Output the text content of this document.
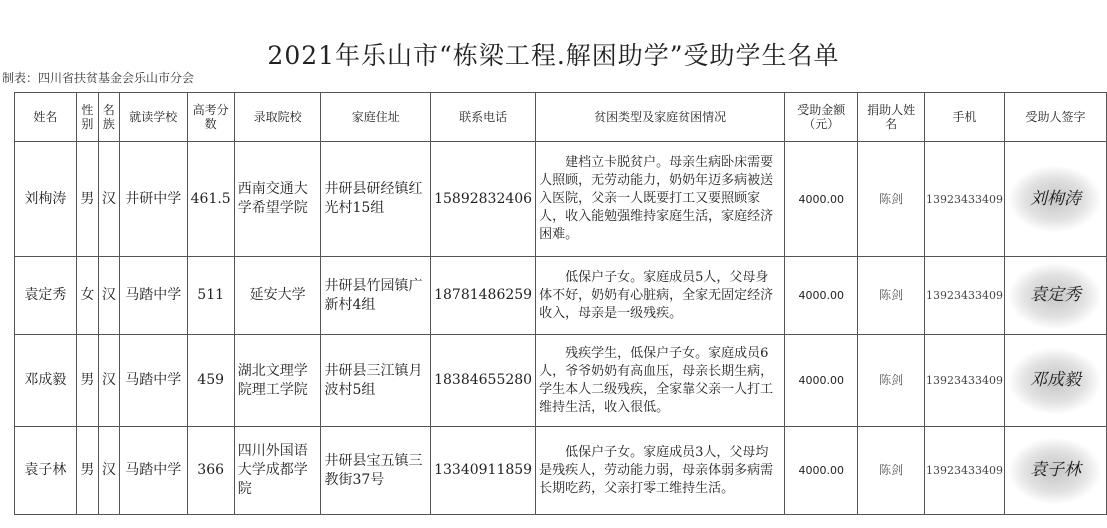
2021年乐山市“栋梁工程.解困助学”受助学生名单
制表：四川省扶贫基金会乐山市分会
姓名	性别	名族	就读学校	高考分数	录取院校	家庭住址	联系电话	贫困类型及家庭贫困情况	受助金额（元）	捐助人姓名	手机	受助人签字
刘栒涛	男	汉	井研中学	461.5	西南交通大学希望学院	井研县研经镇红光村15组	15892832406	建档立卡脱贫户。母亲生病卧床需要人照顾，无劳动能力，奶奶年迈多病被送入医院，父亲一人既要打工又要照顾家人，收入能勉强维持家庭生活，家庭经济困难。	4000.00	陈剑	13923433409	刘栒涛

袁定秀	女	汉	马踏中学	511	延安大学	井研县竹园镇广新村4组	18781486259	低保户子女。家庭成员5人，父母身体不好，奶奶有心脏病，全家无固定经济收入，母亲是一级残疾。	4000.00	陈剑	13923433409	袁定秀

邓成毅	男	汉	马踏中学	459	湖北文理学院理工学院	井研县三江镇月波村5组	18384655280	残疾学生，低保户子女。家庭成员6人，爷爷奶奶有高血压，母亲长期生病，学生本人二级残疾，全家靠父亲一人打工维持生活，收入很低。	4000.00	陈剑	13923433409	邓成毅

袁子林	男	汉	马踏中学	366	四川外国语大学成都学院	井研县宝五镇三教街37号	13340911859	低保户子女。家庭成员3人，父母均是残疾人，劳动能力弱，母亲体弱多病需长期吃药，父亲打零工维持生活。	4000.00	陈剑	13923433409	袁子林
